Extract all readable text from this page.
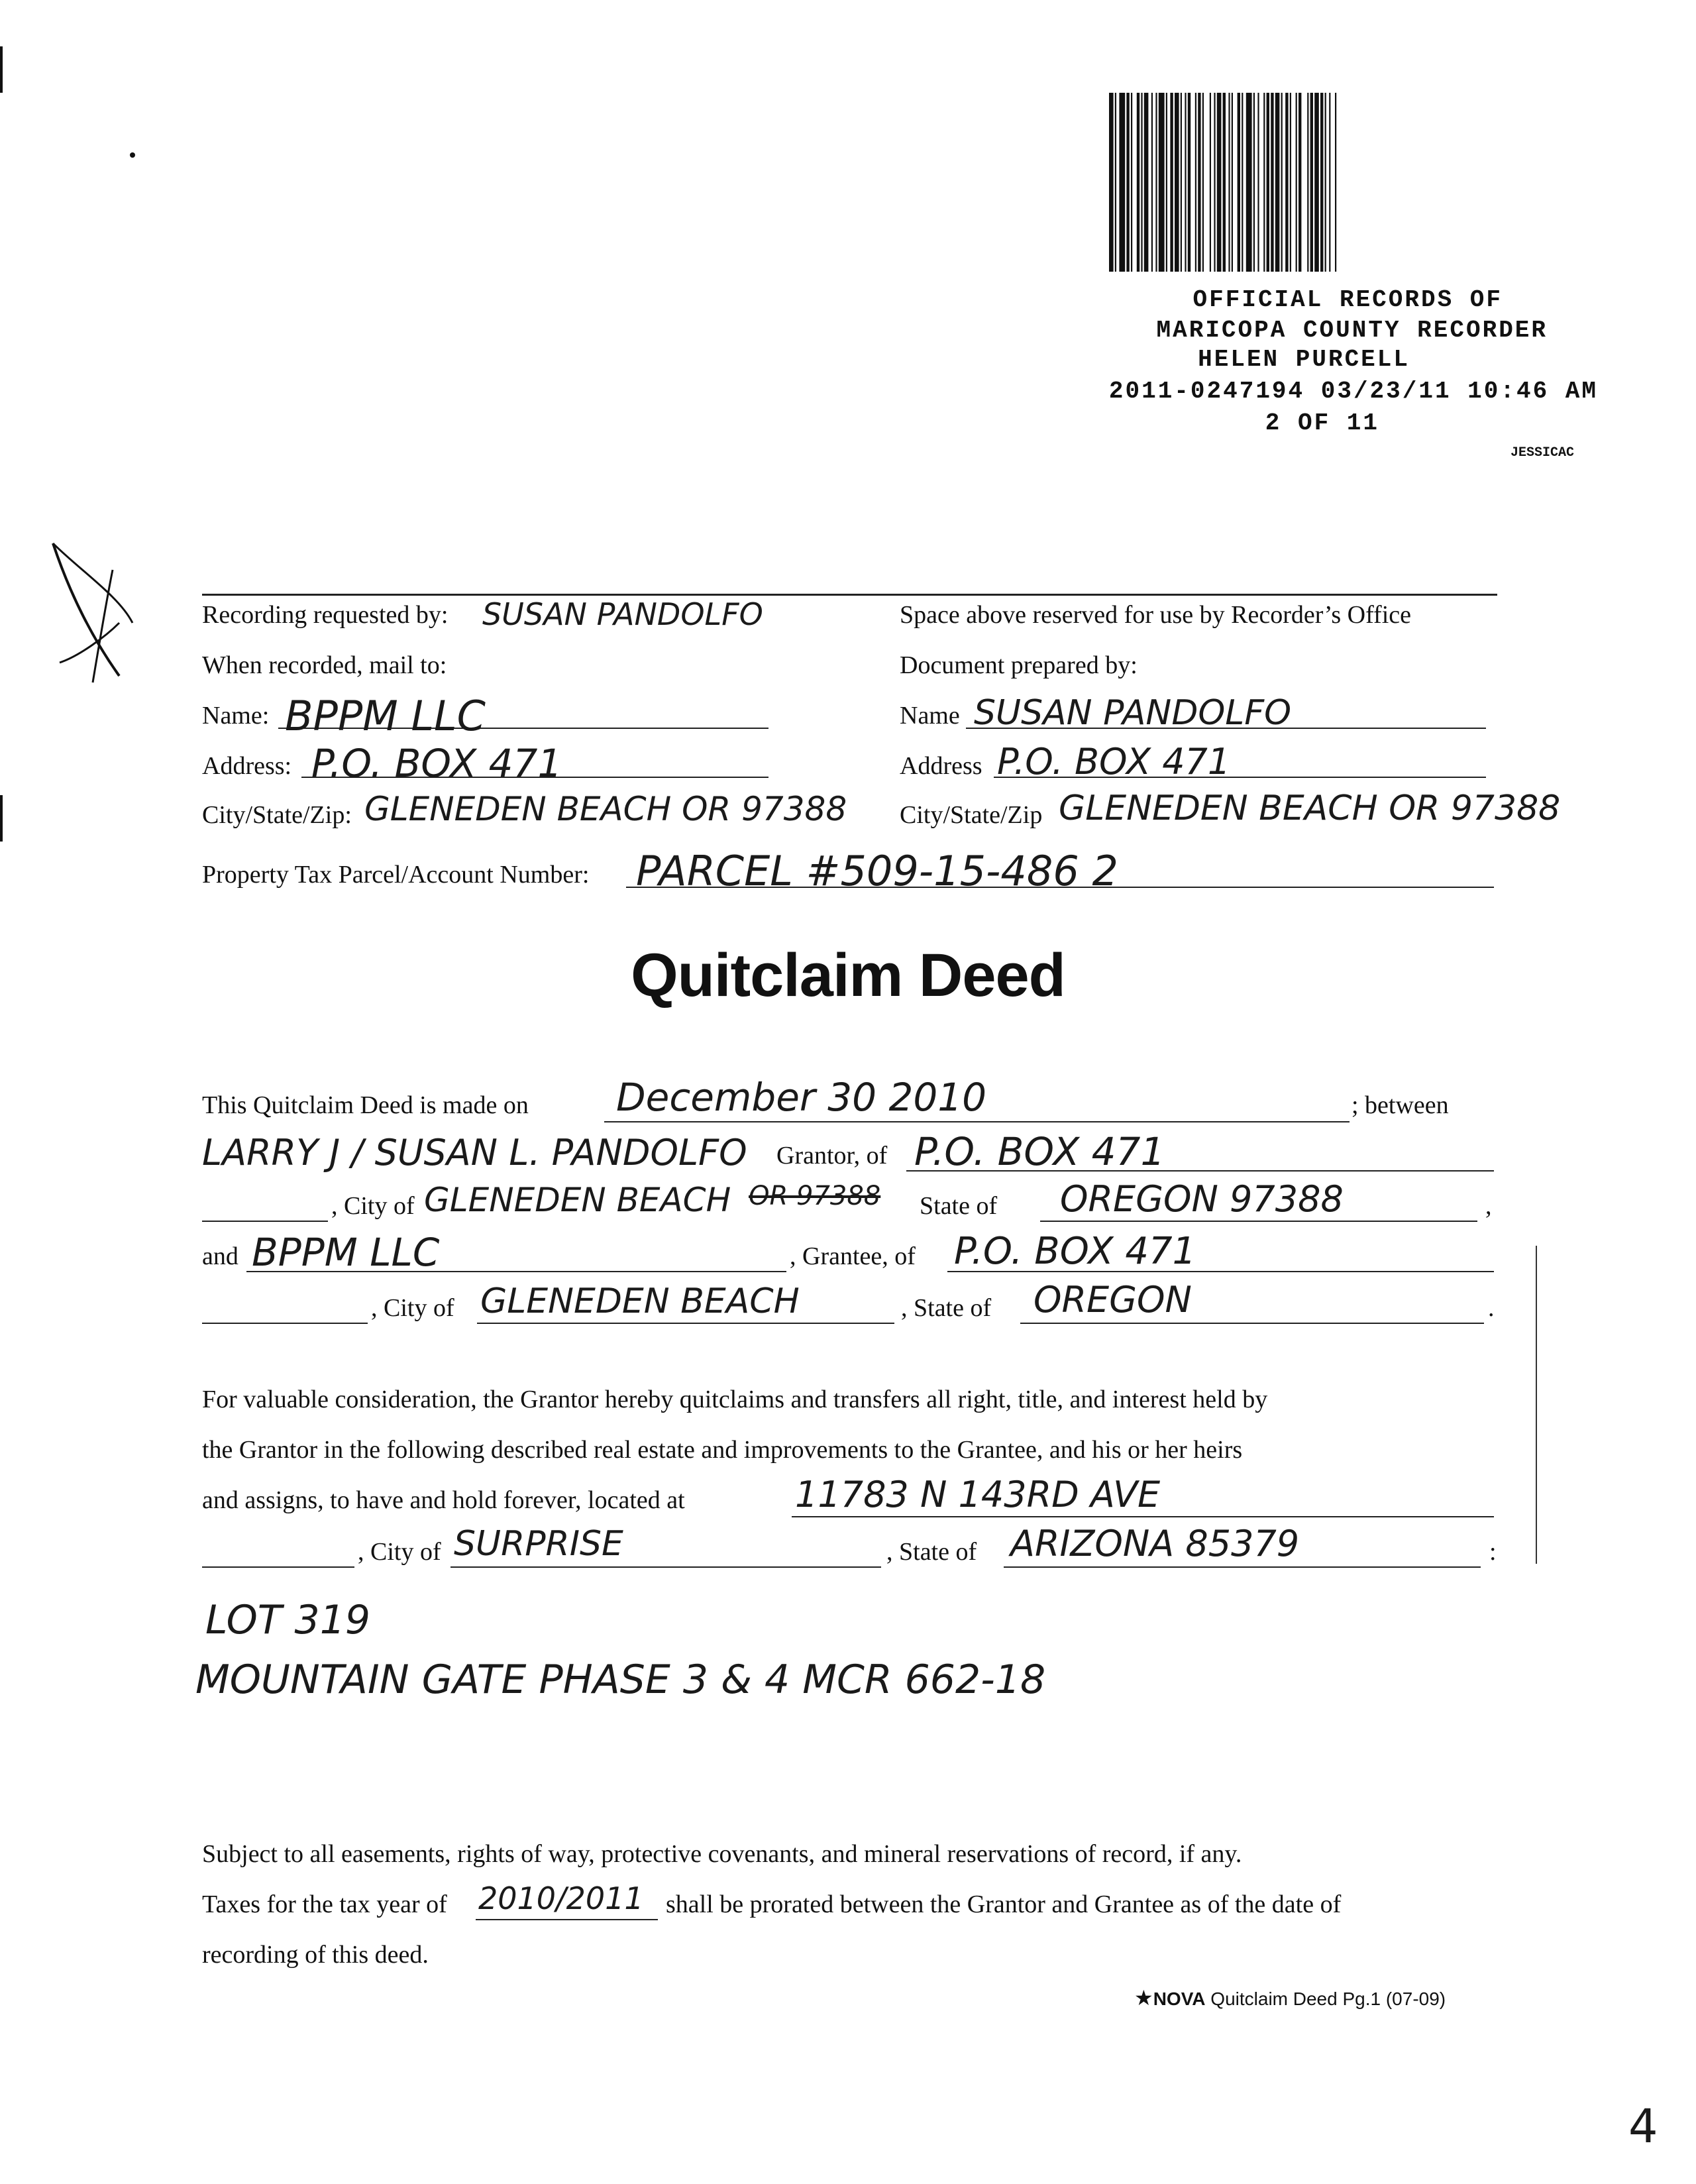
OFFICIAL RECORDS OF
MARICOPA COUNTY RECORDER
HELEN PURCELL
2011-0247194 03/23/11 10:46 AM
2 OF 11
JESSICAC
Recording requested by: SUSAN PANDOLFO
When recorded, mail to:
Name: BPPM LLC
Address: P.O. BOX 471
City/State/Zip: GLENEDEN BEACH OR 97388
Space above reserved for use by Recorder’s Office
Document prepared by:
Name SUSAN PANDOLFO
Address P.O. BOX 471
City/State/Zip GLENEDEN BEACH OR 97388
Property Tax Parcel/Account Number: PARCEL #509-15-486 2
Quitclaim Deed
This Quitclaim Deed is made on December 30 2010	; between
LARRY J / SUSAN L. PANDOLFO Grantor, of P.O. BOX 471
, City of GLENEDEN BEACH OR 97388 State of OREGON 97388	,
and BPPM LLC	, Grantee, of P.O. BOX 471
, City of GLENEDEN BEACH	, State of OREGON	.
For valuable consideration, the Grantor hereby quitclaims and transfers all right, title, and interest held by
the Grantor in the following described real estate and improvements to the Grantee, and his or her heirs
and assigns, to have and hold forever, located at	11783 N 143RD AVE
, City of SURPRISE	, State of ARIZONA 85379	:
LOT 319
MOUNTAIN GATE PHASE 3 & 4 MCR 662-18
Subject to all easements, rights of way, protective covenants, and mineral reservations of record, if any.
Taxes for the tax year of 2010/2011 shall be prorated between the Grantor and Grantee as of the date of
recording of this deed.
★NOVA Quitclaim Deed Pg.1 (07-09)
4
